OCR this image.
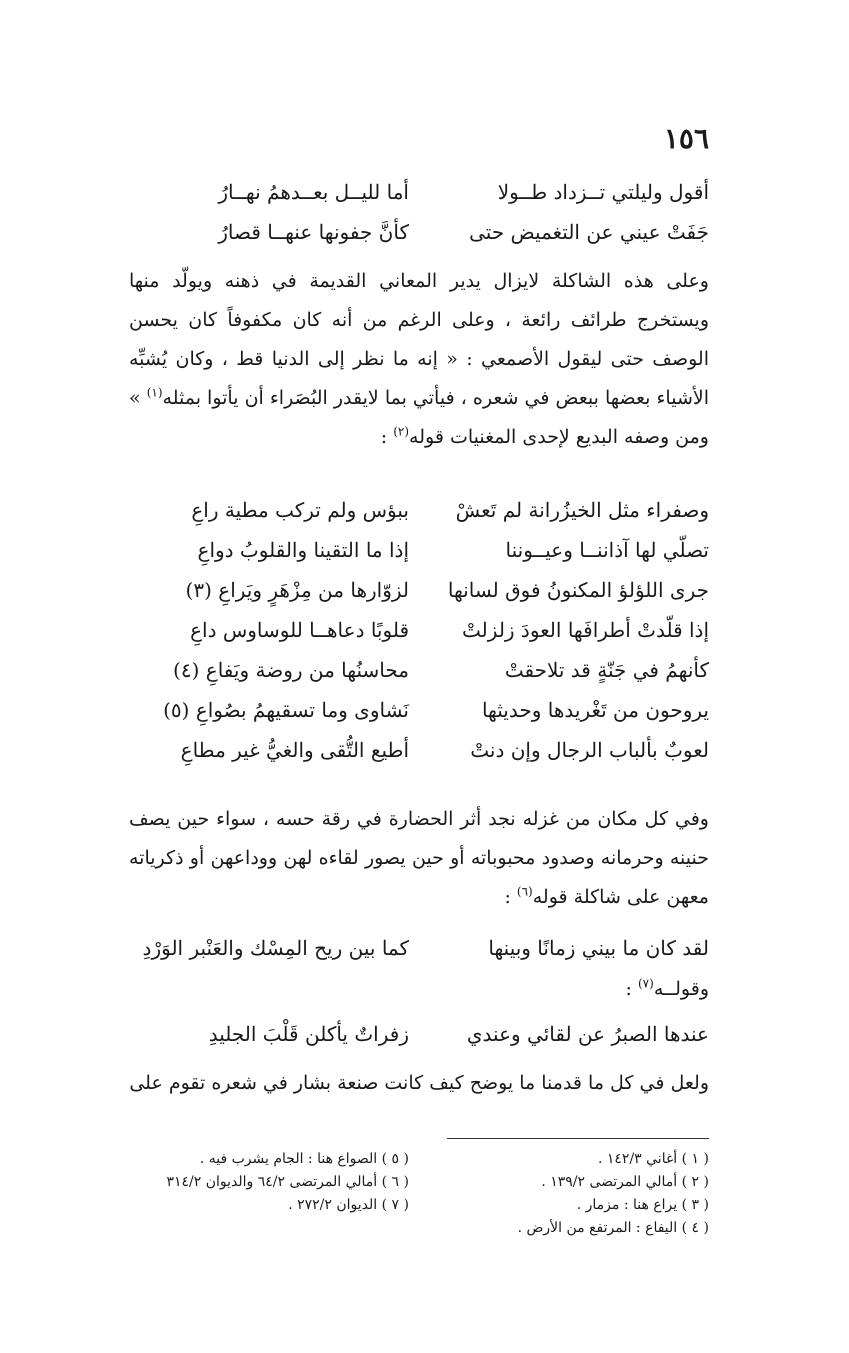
١٥٦
أقول وليلتي تــزداد طــولا
أما لليــل بعــدهمُ نهــارُ
جَفَتْ عيني عن التغميض حتى
كأنَّ جفونها عنهــا قصارُ

وعلى هذه الشاكلة لايزال يدير المعاني القديمة في ذهنه ويولّد منها ويستخرج طرائف رائعة ، وعلى الرغم من أنه كان مكفوفاً كان يحسن الوصف حتى ليقول الأصمعي : « إنه ما نظر إلى الدنيا قط ، وكان يُشبِّه الأشياء بعضها ببعض في شعره ، فيأتي بما لايقدر البُصَراء أن يأتوا بمثله$^{(١)}$ » ومن وصفه البديع لإحدى المغنيات قوله$^{(٢)}$ :

وصفراء مثل الخيزُرانة لم تَعشْ
ببؤس ولم تركب مطية راعِ
تصلّي لها آذاننــا وعيــوننا
إذا ما التقينا والقلوبُ دواعِ
جرى اللؤلؤ المكنونُ فوق لسانها
لزوّارها من مِزْهَرٍ ويَراعِ (٣)
إذا قلّدتْ أطرافَها العودَ زلزلتْ
قلوبًا دعاهــا للوساوس داعِ
كأنهمُ في جَنّةٍ قد تلاحقتْ
محاسنُها من روضة ويَفاعِ (٤)
يروحون من تَغْريدها وحديثها
نَشاوى وما تسقيهمُ بصُواعِ (٥)
لعوبٌ بألباب الرجال وإن دنتْ
أطيع التُّقى والغيُّ غير مطاعِ

وفي كل مكان من غزله نجد أثر الحضارة في رقة حسه ، سواء حين يصف حنينه وحرمانه وصدود محبوباته أو حين يصور لقاءه لهن ووداعهن أو ذكرياته معهن على شاكلة قوله$^{(٦)}$ :

لقد كان ما بيني زمانًا وبينها
كما بين ريح المِسْك والعَنْبر الوَرْدِ

وقولــه$^{(٧)}$ :

عندها الصبرُ عن لقائي وعندي
زفراتٌ يأكلن قَلْبَ الجليدِ

ولعل في كل ما قدمنا ما يوضح كيف كانت صنعة بشار في شعره تقوم على

( ١ ) أغاني ١٤٢/٣ .
( ٢ ) أمالي المرتضى ١٣٩/٢ .
( ٣ ) يراع هنا : مزمار .
( ٤ ) اليفاع : المرتفع من الأرض .
( ٥ ) الصواع هنا : الجام يشرب فيه .
( ٦ ) أمالي المرتضى ٦٤/٢ والديوان ٣١٤/٢
( ٧ ) الديوان ٢٧٢/٢ .
